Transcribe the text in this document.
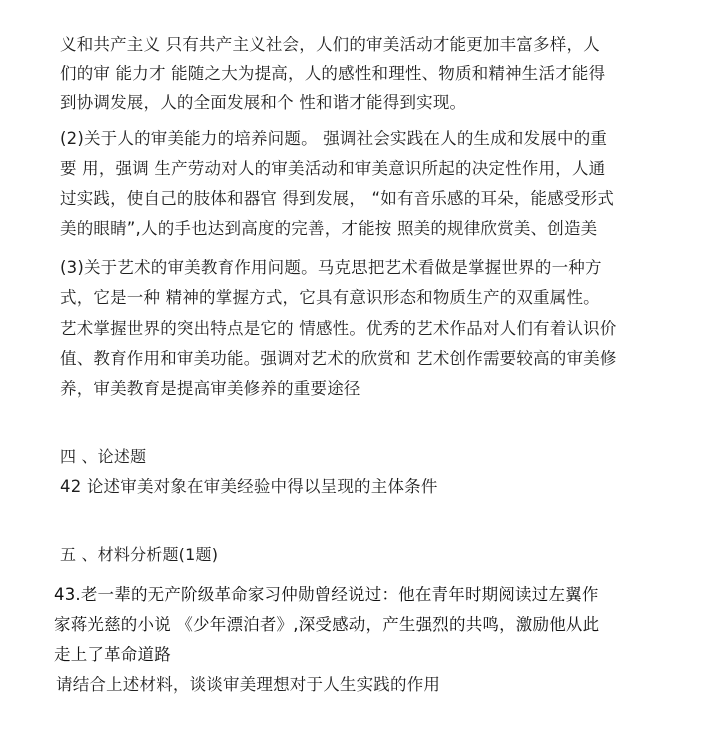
义和共产主义 只有共产主义社会，人们的审美活动才能更加丰富多样，人
们的审 能力才 能随之大为提高，人的感性和理性、物质和精神生活才能得
到协调发展，人的全面发展和个 性和谐才能得到实现。
(2)关于人的审美能力的培养问题。 强调社会实践在人的生成和发展中的重
要 用，强调 生产劳动对人的审美活动和审美意识所起的决定性作用，人通
过实践，使自己的肢体和器官 得到发展， “如有音乐感的耳朵，能感受形式
美的眼睛”,人的手也达到高度的完善，才能按 照美的规律欣赏美、创造美
(3)关于艺术的审美教育作用问题。马克思把艺术看做是掌握世界的一种方
式，它是一种 精神的掌握方式，它具有意识形态和物质生产的双重属性。
艺术掌握世界的突出特点是它的 情感性。优秀的艺术作品对人们有着认识价
值、教育作用和审美功能。强调对艺术的欣赏和 艺术创作需要较高的审美修
养，审美教育是提高审美修养的重要途径
四 、论述题
42 论述审美对象在审美经验中得以呈现的主体条件
五 、材料分析题(1题)
43.老一辈的无产阶级革命家习仲勋曾经说过：他在青年时期阅读过左翼作
家蒋光慈的小说 《少年漂泊者》,深受感动，产生强烈的共鸣，激励他从此
走上了革命道路
请结合上述材料，谈谈审美理想对于人生实践的作用
